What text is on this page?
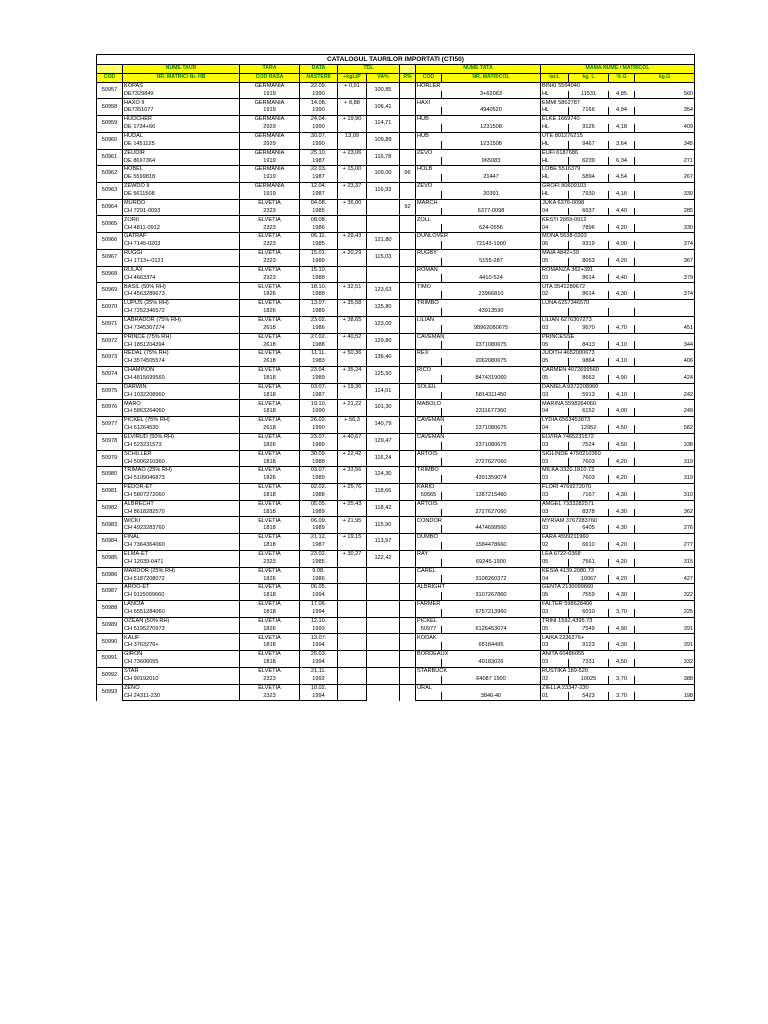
CATALOGUL TAURILOR IMPORTATI (CTI50)												
	NUME TAUR	TARA	DATA	TDL			NUME TATA		MAMA NUME / MATRICOL			
COD	NR. MATRIC/ Nr. HB	COD RASA	NASTERII	+kgLtP	VA%	R%	COD	NR. MATRICOL	lact.	kg. L	% G	kg.G
50957	KOPAS	GERMANIA	22.09.	+ 0,91	100,85		HORLER		BINKI 5594040			
	DE7329849	1919	1990					3+62063	HL	11531	4,85	560
50958	HAXO II	GERMANIA	14.08.	+ 8,88	106,41		HAXI		EMMI 5862787			
	DE7351077	1919	1990					4940520	HL	7166	4,94	354
50959	HUDCHER	GERMANIA	24.04.	+ 19,90	114,71		HUB		ELKE 1669740			
	DE 1734+66	2929	1990					1231508	HL	9126	4,18	409
50960	HUDAL	GERMANIA	30.07.	13,09	109,89		HUB		UTE 801276215			
	DE 1451125	2929	1990					1231508	HL	9467	3,64	345
50961	ZEUDIR	GERMANIA	25.10.	+ 23,06	116,78		ZEVO		EUFI 6187686			
	DE 8697364	1919	1987					965083	HL	6239	6,34	271
50962	HOBEL	GERMANIA	22.03.	+ 15,00	109,00	96	HOLB		LOBE 5516379			
	DE 5599818	1919	1987					21447	HL	5894	4,54	267
50963	ZEWDO II	GERMANIA	12.04.	+ 23,37	116,93		ZEVO		GROFI 80609103			
	DE 5611508	1919	1987					20391	HL	7930	4,16	330
50964	MURDO	ELVETIA	04.08.	+ 36,00		92	MARCH		JUKA 6376-0098			
	CH 7291-0093	2323	1985					6377-0098	04	6637	4,40	285
50965	ZORII	ELVETIA	08.08.				ZOLL		KESTI 2669-0912			
	CH 4811-0912	2323	1986					624-0556	04	7896	4,20	330
50966	GATRAP	ELVETIA	06.11.	+ 29,43	121,80		DUNLOVER		MONA 5638-0203			
	CH 7145-0203	2323	1985					72143-1900	06	9319	4,00	374
50967	RUGGI	ELVETIA	15.01.	+ 20,29	115,03		RUGBY		MAIA 4842+39			
	CH 1713+-0121	2323	1989					5155-287	05	8053	4,20	367
50968	RULAX	ELVETIA	15.10.				ROMAN		ROMANZA 362+391			
	CH 4663374	2323	1988					4410-524	03	8614	4,40	379
50969	BASIL (50% RH)	ELVETIA	18.10.	+ 32,51	123,63		TIMO		UTA 3541289672			
	CH 4563289673	1826	1988					23966810	02	8614	4,30	374
50970	LUPUS (25% RH)	ELVETIA	13.07.	+ 35,58	125,80		TRIMBO		LUNA 6257346570			
	CH 7252346572	1826	1989					43913590				
50971	LABRADOR (75% RH)	ELVETIA	23.02.	+ 38,65	123,00		LILIAN		LILIAN 6276307273			
	CH 7345307274	2618	1986					98962080675	03	9670	4,70	451
50972	PRINCE (75% RH)	ELVETIA	27.02.	+ 40,52	129,80		CAVEMAN		PRINCESSE			
	CH 1851204394	2618	1988					2371080675	05	8413	4,10	344
50973	REDAL (75% RH)	ELVETIA	11.11.	+ 50,36	136,40		REX		JUDITH 4652000673			
	CH 3574505574	2618	1983					2062080675	05	9864	4,10	406
50974	CHAMPION	ELVETIA	23.04.	+ 35,24	125,50		RICO		CARMEN 4072699560			
	CH 4815699560	1818	1989					8474319060	05	8663	4,90	424
50975	DARWIN	ELVETIA	03.07.	+ 19,36	114,01		SOLEIL		DANIELA 9372208960			
	CH 1032208960	1818	1987					5814311450	03	5913	4,10	242
50976	MARO	ELVETIA	19.10.	+ 21,22	101,30		MABOLO		MARINA 5598264060			
	CH 5863264060	1818	1990					2311677360	04	6152	4,00	249
50977	PICKEL (75% RH)	ELVETIA	26.02.	+ 56,3	140,79		CAVEMAN		LYDIA 6563453073			
	CH 61264530	2618	1990					2371080675	04	12952	4,50	582
50978	ELVIRUD (50% RH)	ELVETIA	23.07.	+ 40,67	129,47		CAVEMAN		ELVIRA 7465231572			
	CH 523231573	1826	1989					2371080675	03	7524	4,50	338
50979	SCHILLER	ELVETIA	30.09.	+ 22,42	116,24		ARTOIS		SIGLINDE 4750210360			
	CH 5006210360	1818	1988					2727627060	03	7603	4,20	319
50980	TRIMAO (25% RH)	ELVETIA	03.07.	+ 33,56	124,30		TRIMBO		MILKA 3320.1810.73			
	CH 5199046873	1826	1989					4391359074	03	7603	4,20	319
50981	FEDOR-ET	ELVETIA	02.02.	+ 25,76	118,66		KARIO		FLORI 4769272070			
	CH 5807272060	1818	1988				50565	1387215460	03	7167	4,30	310
50982	ALBRECHT	ELVETIA	05.05.	+ 25,43	118,42		ARTOIS		AMGEL 7333282571			
	CH 8618282570	1818	1989					2727627060	03	8378	4,30	362
50983	WICKI	ELVETIA	06.09.	+ 21,95	115,90		CONDOR		MYRIAM 3767283760			
	CH 4923283760	1818	1989					4474699560	03	6405	4,30	276
50984	FINAL	ELVETIA	21.12.	+ 19,15	113,97		DUMBO		FARA 4599211960			
	CH 7364364060	1818	1987					1584478660	02	6610	4,20	277
50985	ELMA-ET	ELVETIA	23.02.	+ 30,27	122,42		RAY		LEA 6722-0368			
	CH 12039-0471	2323	1985					69245-1900	05	7561	4,20	315
50986	MARDOR (25% RH)	ELVETIA	9.08.				CAREL		KESIA 4139.2080.73			
	CH 5187208072	1826	1986					3108260372	04	10067	4,20	427
50987	AROO-ET	ELVETIA	06.05.				ALBRIGHT		GENTA 2130099660			
	CH 9115099660	1818	1994					3107267860	05	7559	4,30	322
50988	LANCIA	ELVETIA	17.06.				FARMER		FALTER 598628406			
	CH 6551284060	1818	1994					6757213960	03	6010	3,70	225
50989	OZEAN (50% RH)	ELVETIA	12.10.				PICKEL		TRINI 1592,4395.73			
	CH 5195270973	1826	1993				50977	6126453074	05	7549	4,90	391
50990	KALIF	ELVETIA	13.07.				KODAK		LAIKA 2236276+			
	CH 3763276+	1818	1994					65184495	03	9123	4,30	391
50991	GIRON	ELVETIA	25.03.				BORDEAUX		ANITA 60486055			
	CH 73606055	1818	1994					49183026	03	7331	4,50	332
50992	STAR	ELVETIA	21.11.				STARBUCK		RUSTIKA 189-520			
	CH 90192010	2323	1992					64087 1900	02	10025	3,70	388
50993	ZENO	ELVETIA	10.02.				URAL		ZIELLA 23347-230			
	CH 24311-230	2323	1994					3846-40	01	5423	3,70	198
